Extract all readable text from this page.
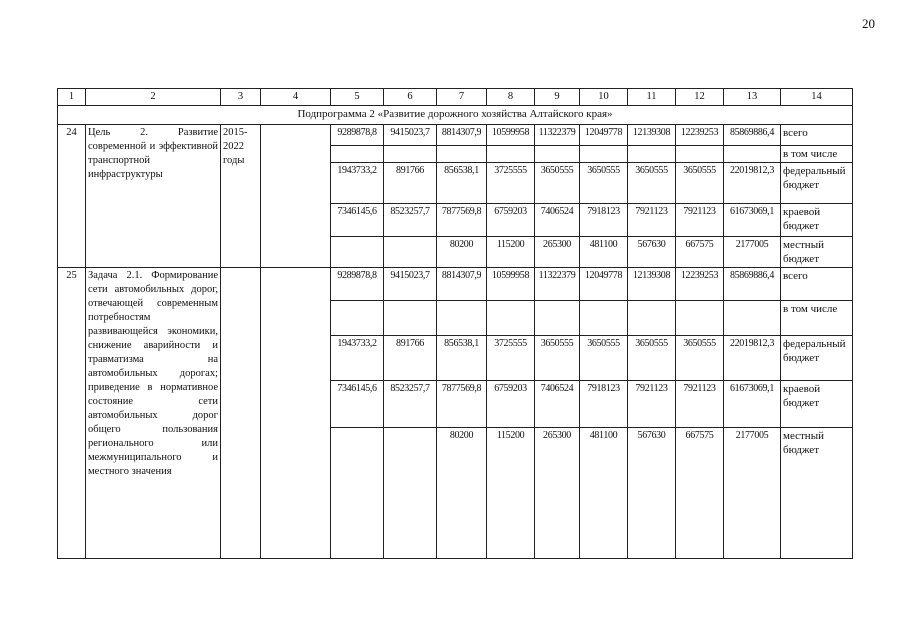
20
1	2	3	4	5	6	7	8	9	10	11	12	13	14
Подпрограмма 2 «Развитие дорожного хозяйства Алтайского края»													
24	Цель 2. Развитие современной и эффективной транспортной инфраструктуры	2015-2022 годы		9289878,8	9415023,7	8814307,9	10599958	11322379	12049778	12139308	12239253	85869886,4	всего
													в том числе
				1943733,2	891766	856538,1	3725555	3650555	3650555	3650555	3650555	22019812,3	федеральный бюджет
				7346145,6	8523257,7	7877569,8	6759203	7406524	7918123	7921123	7921123	61673069,1	краевой бюджет
						80200	115200	265300	481100	567630	667575	2177005	местный бюджет
25	Задача 2.1. Формирование сети автомобильных дорог, отвечающей современным потребностям развивающейся экономики, снижение аварийности и травматизма на автомобильных дорогах; приведение в нормативное состояние сети автомобильных дорог общего пользования регионального или межмуниципального и местного значения			9289878,8	9415023,7	8814307,9	10599958	11322379	12049778	12139308	12239253	85869886,4	всего
													в том числе
				1943733,2	891766	856538,1	3725555	3650555	3650555	3650555	3650555	22019812,3	федеральный бюджет
				7346145,6	8523257,7	7877569,8	6759203	7406524	7918123	7921123	7921123	61673069,1	краевой бюджет
						80200	115200	265300	481100	567630	667575	2177005	местный бюджет
